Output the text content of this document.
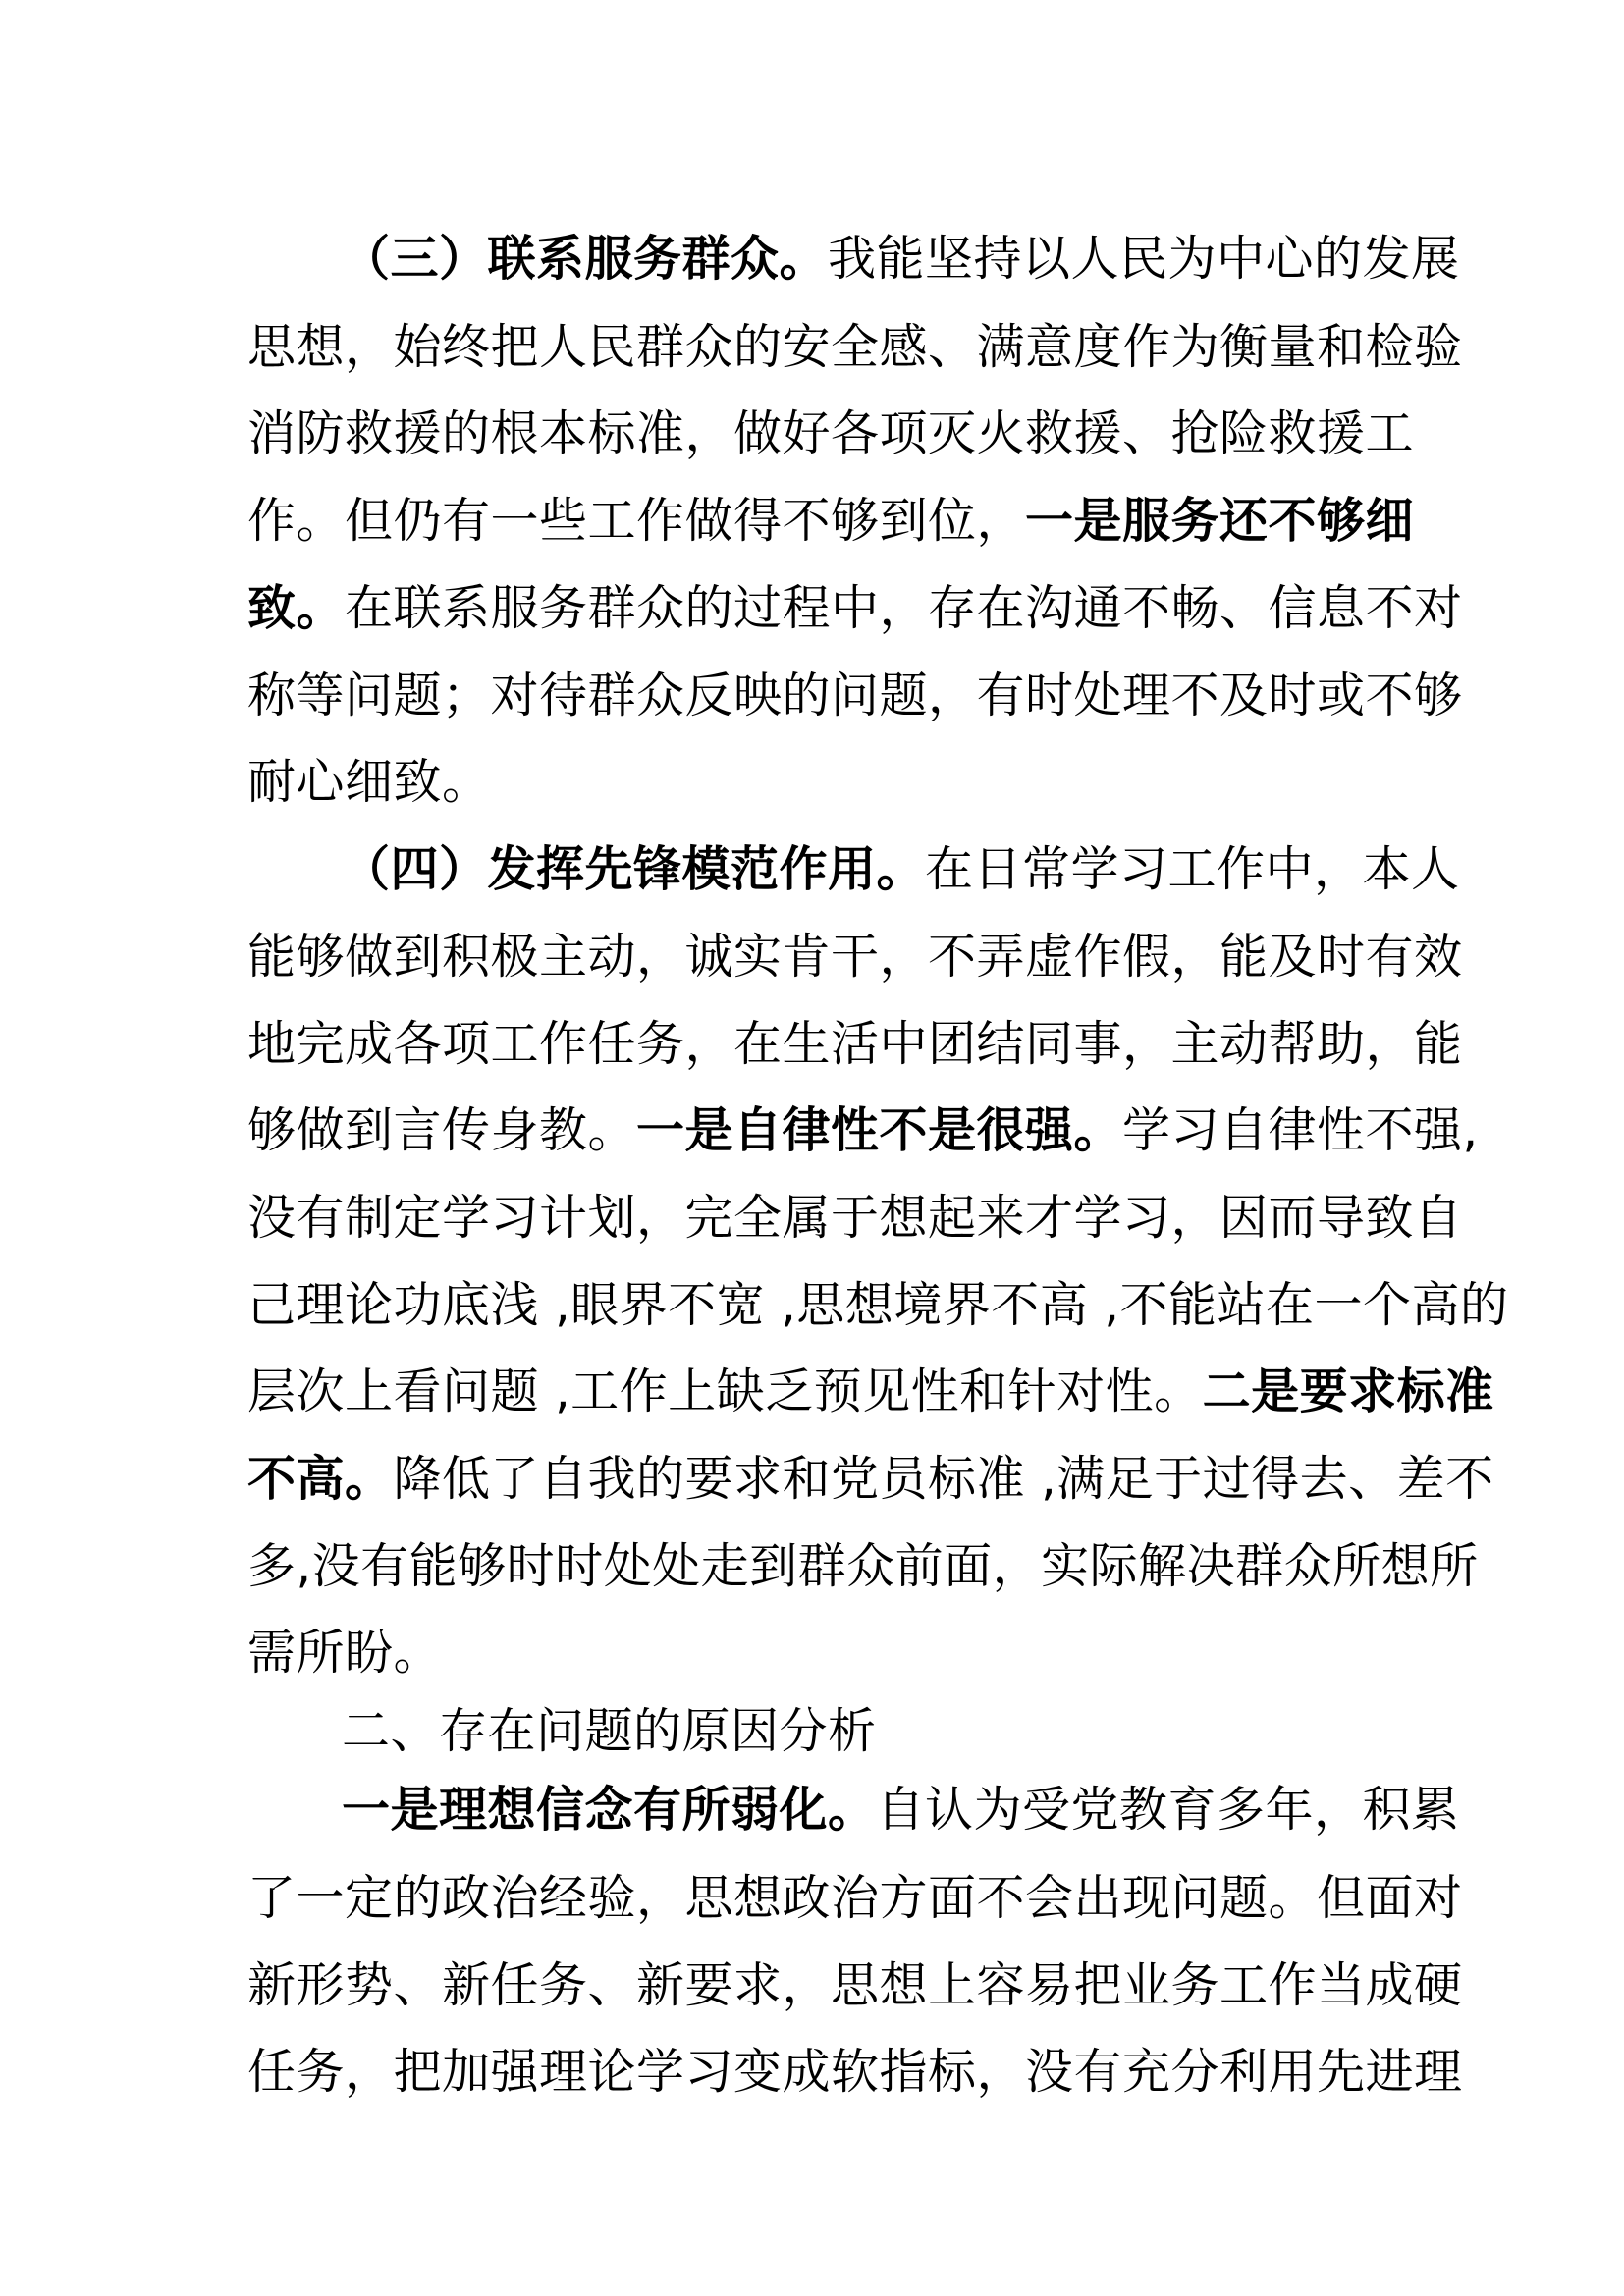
（三）联系服务群众。我能坚持以人民为中心的发展
思想，始终把人民群众的安全感、满意度作为衡量和检验
消防救援的根本标准，做好各项灭火救援、抢险救援工
作。但仍有一些工作做得不够到位，一是服务还不够细
致。在联系服务群众的过程中，存在沟通不畅、信息不对
称等问题；对待群众反映的问题，有时处理不及时或不够
耐心细致。
（四）发挥先锋模范作用。在日常学习工作中，本人
能够做到积极主动，诚实肯干，不弄虚作假，能及时有效
地完成各项工作任务，在生活中团结同事，主动帮助，能
够做到言传身教。一是自律性不是很强。学习自律性不强,
没有制定学习计划，完全属于想起来才学习，因而导致自
己理论功底浅 ,眼界不宽 ,思想境界不高 ,不能站在一个高的
层次上看问题 ,工作上缺乏预见性和针对性。二是要求标准
不高。降低了自我的要求和党员标准 ,满足于过得去、差不
多,没有能够时时处处走到群众前面，实际解决群众所想所
需所盼。
二、存在问题的原因分析
一是理想信念有所弱化。自认为受党教育多年，积累
了一定的政治经验，思想政治方面不会出现问题。但面对
新形势、新任务、新要求，思想上容易把业务工作当成硬
任务，把加强理论学习变成软指标，没有充分利用先进理
